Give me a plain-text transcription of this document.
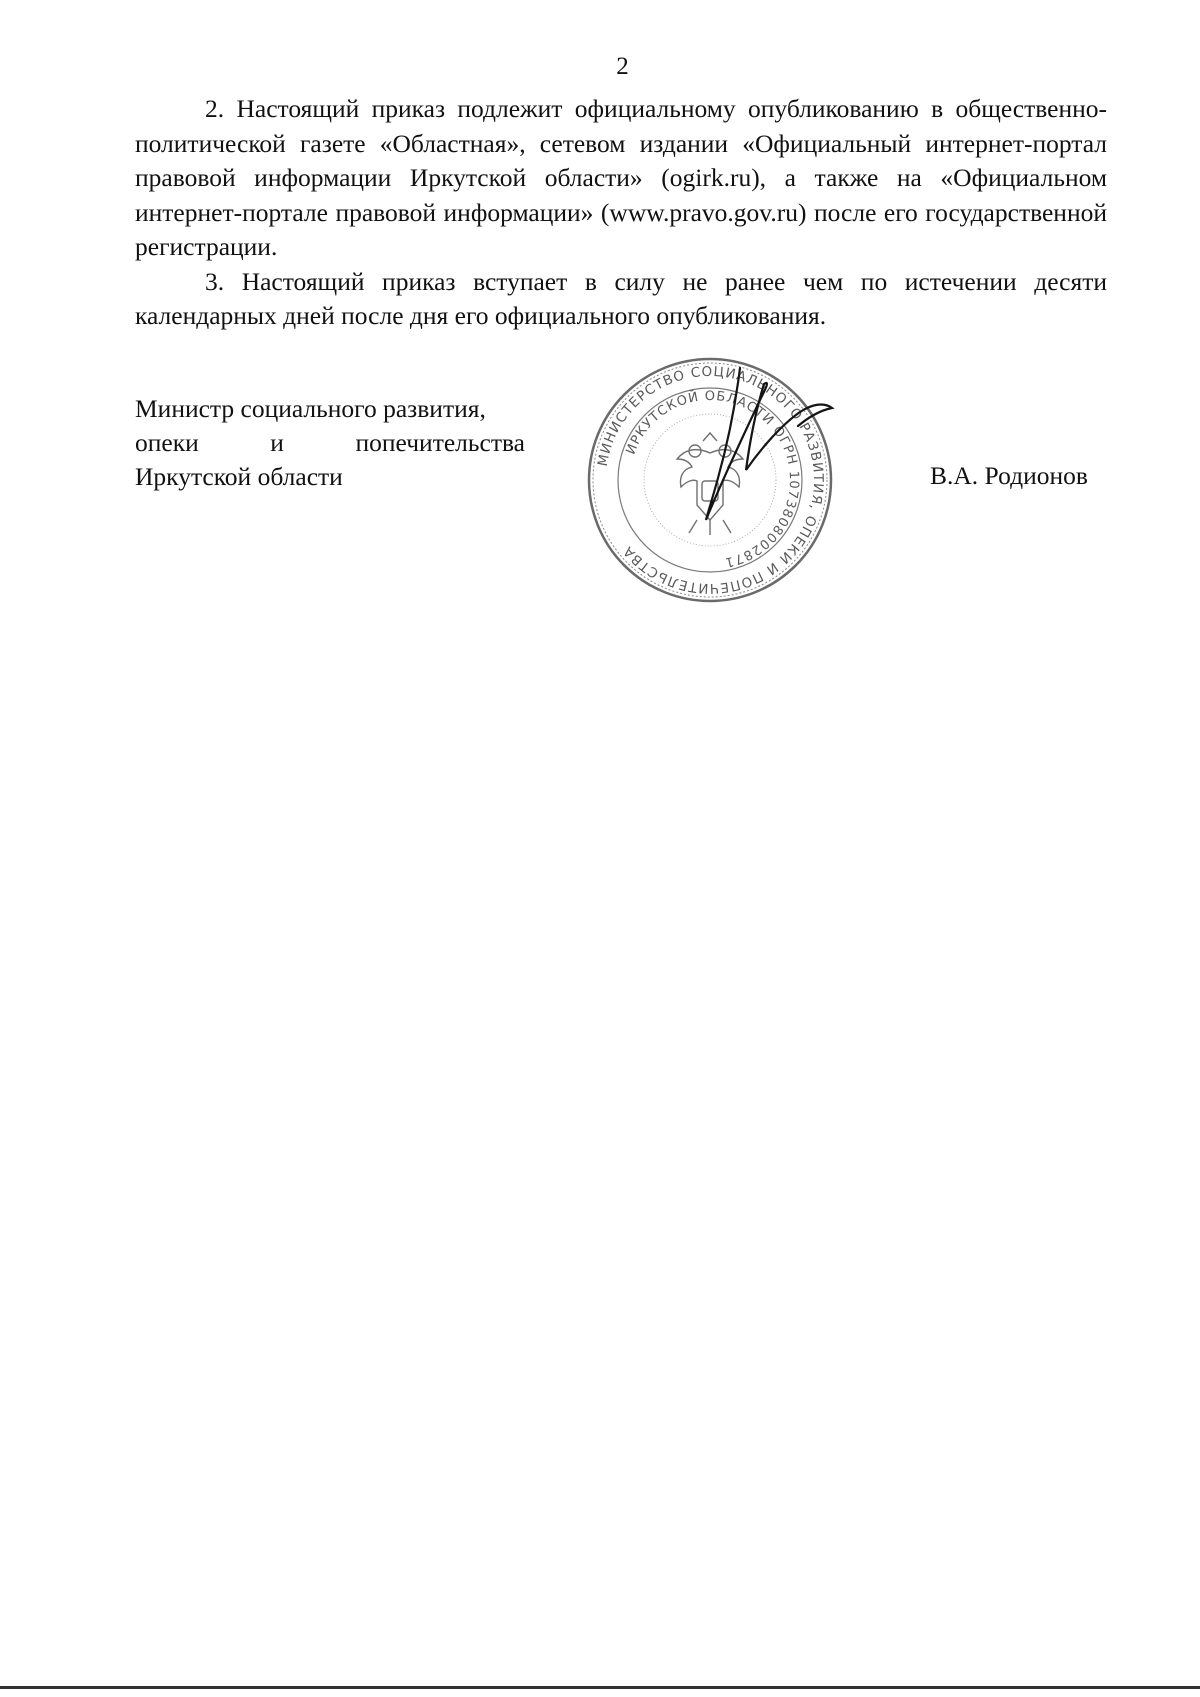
2

2. Настоящий приказ подлежит официальному опубликованию в общественно-политической газете «Областная», сетевом издании «Официальный интернет-портал правовой информации Иркутской области» (ogirk.ru), а также на «Официальном интернет-портале правовой информации» (www.pravo.gov.ru) после его государственной регистрации.

3. Настоящий приказ вступает в силу не ранее чем по истечении десяти календарных дней после дня его официального опубликования.

Министр социального развития,
опеки и попечительства
Иркутской области
МИНИСТЕРСТВО СОЦИАЛЬНОГО РАЗВИТИЯ, ОПЕКИ И ПОПЕЧИТЕЛЬСТВА
ИРКУТСКОЙ ОБЛАСТИ ОГРН 1073808002871
В.А. Родионов
